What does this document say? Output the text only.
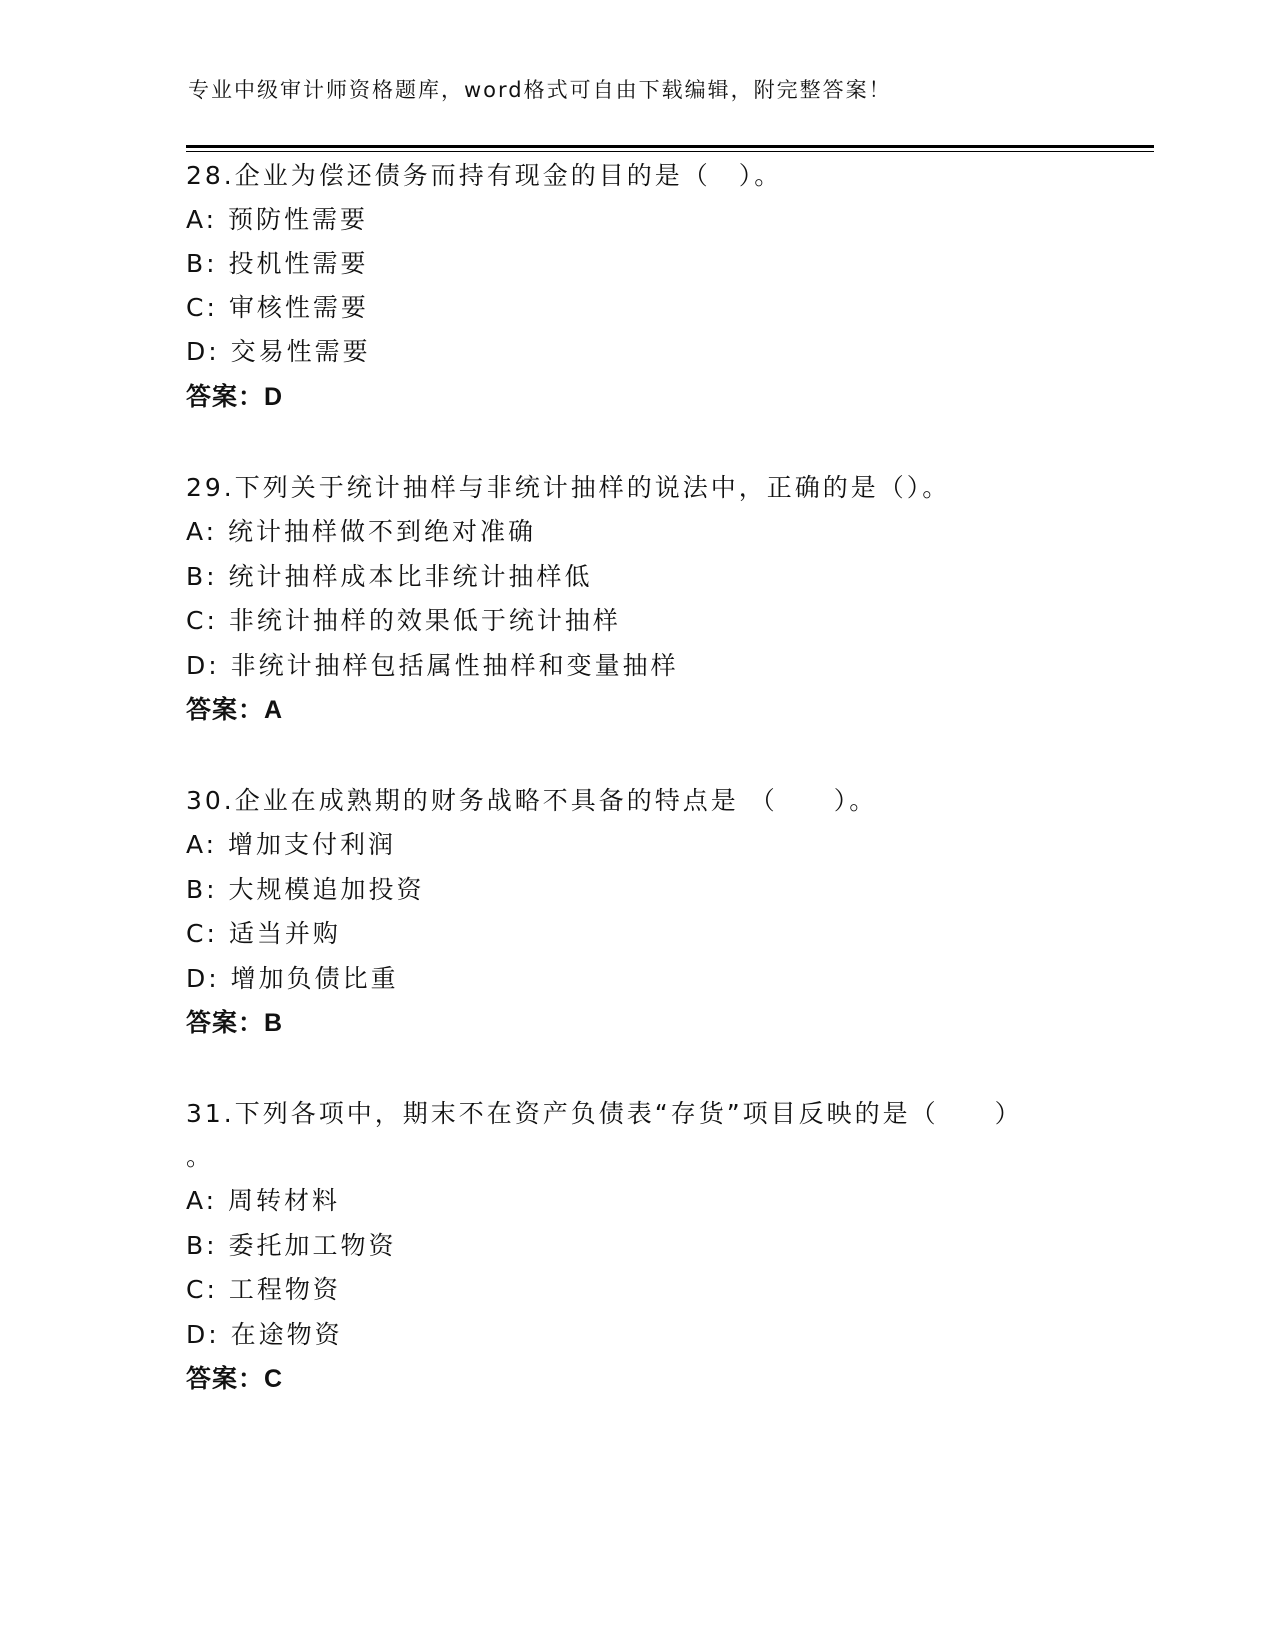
专业中级审计师资格题库，word格式可自由下载编辑，附完整答案！
28.企业为偿还债务而持有现金的目的是（　）。
A: 预防性需要
B: 投机性需要
C: 审核性需要
D: 交易性需要
答案：D
29.下列关于统计抽样与非统计抽样的说法中，正确的是（）。
A: 统计抽样做不到绝对准确
B: 统计抽样成本比非统计抽样低
C: 非统计抽样的效果低于统计抽样
D: 非统计抽样包括属性抽样和变量抽样
答案：A
30.企业在成熟期的财务战略不具备的特点是 （　　）。
A: 增加支付利润
B: 大规模追加投资
C: 适当并购
D: 增加负债比重
答案：B
31.下列各项中，期末不在资产负债表“存货”项目反映的是（　　）
。
A: 周转材料
B: 委托加工物资
C: 工程物资
D: 在途物资
答案：C
